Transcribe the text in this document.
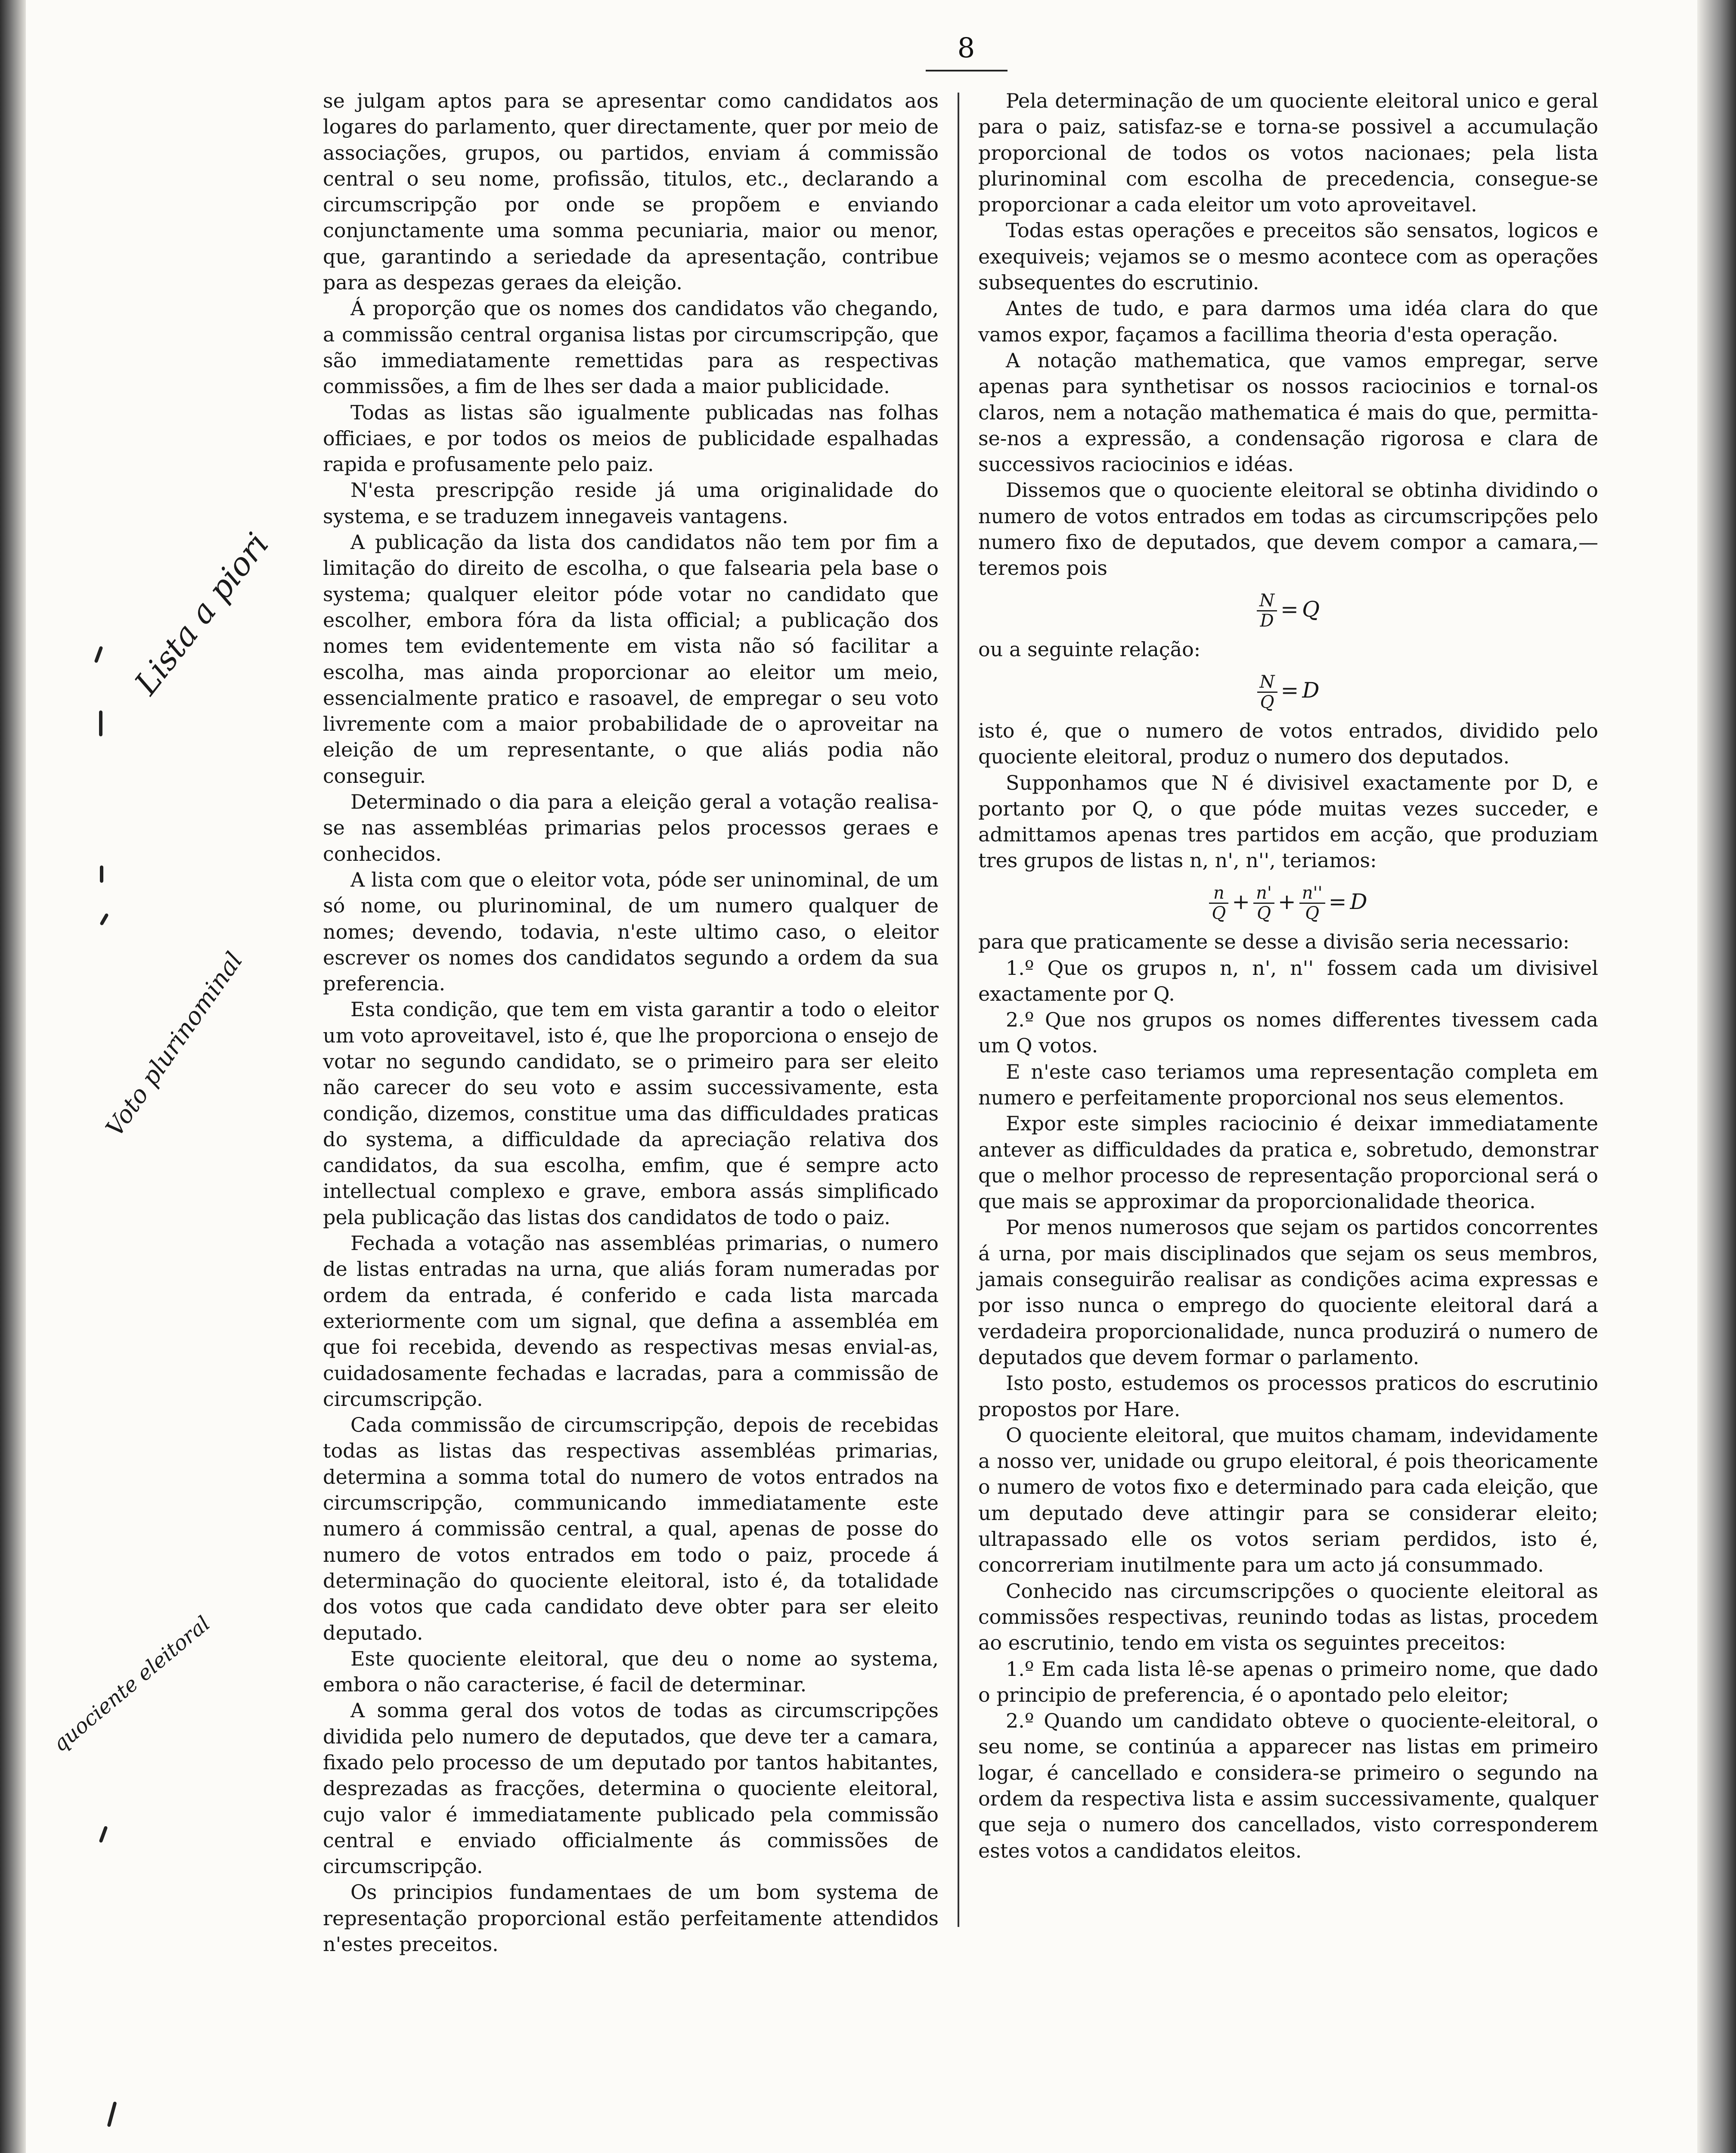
8
Lista a piori
Voto plurinominal
quociente eleitoral

se julgam aptos para se apresentar como candidatos aos logares do parlamento, quer directamente, quer por meio de associações, grupos, ou partidos, enviam á commissão central o seu nome, profissão, titulos, etc., declarando a circumscripção por onde se propõem e enviando conjunctamente uma somma pecuniaria, maior ou menor, que, garantindo a seriedade da apresentação, contribue para as despezas geraes da eleição.

Á proporção que os nomes dos candidatos vão chegando, a commissão central organisa listas por circumscripção, que são immediatamente remettidas para as respectivas commissões, a fim de lhes ser dada a maior publicidade.

Todas as listas são igualmente publicadas nas folhas officiaes, e por todos os meios de publicidade espalhadas rapida e profusamente pelo paiz.

N'esta prescripção reside já uma originalidade do systema, e se traduzem innegaveis vantagens.

A publicação da lista dos candidatos não tem por fim a limitação do direito de escolha, o que falsearia pela base o systema; qualquer eleitor póde votar no candidato que escolher, embora fóra da lista official; a publicação dos nomes tem evidentemente em vista não só facilitar a escolha, mas ainda proporcionar ao eleitor um meio, essencialmente pratico e rasoavel, de empregar o seu voto livremente com a maior probabilidade de o aproveitar na eleição de um representante, o que aliás podia não conseguir.

Determinado o dia para a eleição geral a votação realisa-se nas assembléas primarias pelos processos geraes e conhecidos.

A lista com que o eleitor vota, póde ser uninominal, de um só nome, ou plurinominal, de um numero qualquer de nomes; devendo, todavia, n'este ultimo caso, o eleitor escrever os nomes dos candidatos segundo a ordem da sua preferencia.

Esta condição, que tem em vista garantir a todo o eleitor um voto aproveitavel, isto é, que lhe proporciona o ensejo de votar no segundo candidato, se o primeiro para ser eleito não carecer do seu voto e assim successivamente, esta condição, dizemos, constitue uma das difficuldades praticas do systema, a difficuldade da apreciação relativa dos candidatos, da sua escolha, emfim, que é sempre acto intellectual complexo e grave, embora assás simplificado pela publicação das listas dos candidatos de todo o paiz.

Fechada a votação nas assembléas primarias, o numero de listas entradas na urna, que aliás foram numeradas por ordem da entrada, é conferido e cada lista marcada exteriormente com um signal, que defina a assembléa em que foi recebida, devendo as respectivas mesas envial-as, cuidadosamente fechadas e lacradas, para a commissão de circumscripção.

Cada commissão de circumscripção, depois de recebidas todas as listas das respectivas assembléas primarias, determina a somma total do numero de votos entrados na circumscripção, communicando immediatamente este numero á commissão central, a qual, apenas de posse do numero de votos entrados em todo o paiz, procede á determinação do quociente eleitoral, isto é, da totalidade dos votos que cada candidato deve obter para ser eleito deputado.

Este quociente eleitoral, que deu o nome ao systema, embora o não caracterise, é facil de determinar.

A somma geral dos votos de todas as circumscripções dividida pelo numero de deputados, que deve ter a camara, fixado pelo processo de um deputado por tantos habitantes, desprezadas as fracções, determina o quociente eleitoral, cujo valor é immediatamente publicado pela commissão central e enviado officialmente ás commissões de circumscripção.

Os principios fundamentaes de um bom systema de representação proporcional estão perfeitamente attendidos n'estes preceitos.

Pela determinação de um quociente eleitoral unico e geral para o paiz, satisfaz-se e torna-se possivel a accumulação proporcional de todos os votos nacionaes; pela lista plurinominal com escolha de precedencia, consegue-se proporcionar a cada eleitor um voto aproveitavel.

Todas estas operações e preceitos são sensatos, logicos e exequiveis; vejamos se o mesmo acontece com as operações subsequentes do escrutinio.

Antes de tudo, e para darmos uma idéa clara do que vamos expor, façamos a facillima theoria d'esta operação.

A notação mathematica, que vamos empregar, serve apenas para synthetisar os nossos raciocinios e tornal-os claros, nem a notação mathematica é mais do que, permitta-se-nos a expressão, a condensação rigorosa e clara de successivos raciocinios e idéas.

Dissemos que o quociente eleitoral se obtinha dividindo o numero de votos entrados em todas as circumscripções pelo numero fixo de deputados, que devem compor a camara,— teremos pois

$\frac{N}{D} = Q$

ou a seguinte relação:

$\frac{N}{Q} = D$

isto é, que o numero de votos entrados, dividido pelo quociente eleitoral, produz o numero dos deputados.

Supponhamos que N é divisivel exactamente por D, e portanto por Q, o que póde muitas vezes succeder, e admittamos apenas tres partidos em acção, que produziam tres grupos de listas n, n', n'', teriamos:

$\frac{n}{Q} + \frac{n'}{Q} + \frac{n''}{Q} = D$

para que praticamente se desse a divisão seria necessario:

1.º Que os grupos n, n', n'' fossem cada um divisivel exactamente por Q.

2.º Que nos grupos os nomes differentes tivessem cada um Q votos.

E n'este caso teriamos uma representação completa em numero e perfeitamente proporcional nos seus elementos.

Expor este simples raciocinio é deixar immediatamente antever as difficuldades da pratica e, sobretudo, demonstrar que o melhor processo de representação proporcional será o que mais se approximar da proporcionalidade theorica.

Por menos numerosos que sejam os partidos concorrentes á urna, por mais disciplinados que sejam os seus membros, jamais conseguirão realisar as condições acima expressas e por isso nunca o emprego do quociente eleitoral dará a verdadeira proporcionalidade, nunca produzirá o numero de deputados que devem formar o parlamento.

Isto posto, estudemos os processos praticos do escrutinio propostos por Hare.

O quociente eleitoral, que muitos chamam, indevidamente a nosso ver, unidade ou grupo eleitoral, é pois theoricamente o numero de votos fixo e determinado para cada eleição, que um deputado deve attingir para se considerar eleito; ultrapassado elle os votos seriam perdidos, isto é, concorreriam inutilmente para um acto já consummado.

Conhecido nas circumscripções o quociente eleitoral as commissões respectivas, reunindo todas as listas, procedem ao escrutinio, tendo em vista os seguintes preceitos:

1.º Em cada lista lê-se apenas o primeiro nome, que dado o principio de preferencia, é o apontado pelo eleitor;

2.º Quando um candidato obteve o quociente-eleitoral, o seu nome, se continúa a apparecer nas listas em primeiro logar, é cancellado e considera-se primeiro o segundo na ordem da respectiva lista e assim successivamente, qualquer que seja o numero dos cancellados, visto corresponderem estes votos a candidatos eleitos.
